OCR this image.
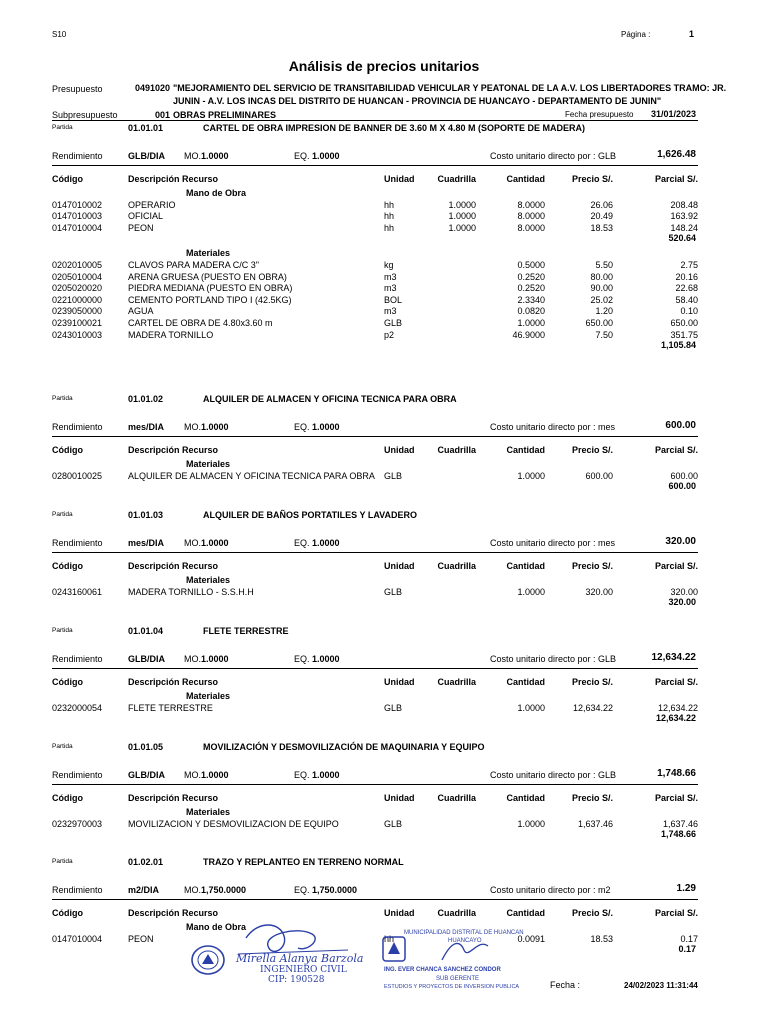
S10	Página :	1
Análisis de precios unitarios
Presupuesto	0491020 "MEJORAMIENTO DEL SERVICIO DE TRANSITABILIDAD VEHICULAR Y PEATONAL DE LA A.V. LOS LIBERTADORES TRAMO: JR.
JUNIN - A.V. LOS INCAS DEL DISTRITO DE HUANCAN - PROVINCIA DE HUANCAYO - DEPARTAMENTO DE JUNIN"
Subpresupuesto	001 OBRAS PRELIMINARES	Fecha presupuesto 31/01/2023
Partida	01.01.01	CARTEL DE OBRA IMPRESION DE BANNER DE 3.60 M X 4.80 M (SOPORTE DE MADERA)
Rendimiento	GLB/DIA MO. 1.0000	EQ. 1.0000	Costo unitario directo por : GLB	1,626.48
Código	Descripción Recurso	Unidad	Cuadrilla	Cantidad	Precio S/.	Parcial S/.
Mano de Obra
0147010002	OPERARIO	hh	1.0000	8.0000	26.06	208.48
0147010003	OFICIAL	hh	1.0000	8.0000	20.49	163.92
0147010004	PEON	hh	1.0000	8.0000	18.53	148.24
520.64
Materiales
0202010005	CLAVOS PARA MADERA C/C 3"	kg	0.5000	5.50	2.75
0205010004	ARENA GRUESA (PUESTO EN OBRA)	m3	0.2520	80.00	20.16
0205020020	PIEDRA MEDIANA (PUESTO EN OBRA)	m3	0.2520	90.00	22.68
0221000000	CEMENTO PORTLAND TIPO I (42.5KG)	BOL	2.3340	25.02	58.40
0239050000	AGUA	m3	0.0820	1.20	0.10
0239100021	CARTEL DE OBRA DE 4.80x3.60 m	GLB	1.0000	650.00	650.00
0243010003	MADERA TORNILLO	p2	46.9000	7.50	351.75
1,105.84
Partida	01.01.02	ALQUILER DE ALMACEN Y OFICINA TECNICA PARA OBRA
Rendimiento	mes/DIA MO. 1.0000	EQ. 1.0000	Costo unitario directo por : mes	600.00
Código	Descripción Recurso	Unidad	Cuadrilla	Cantidad	Precio S/.	Parcial S/.
Materiales
0280010025	ALQUILER DE ALMACEN Y OFICINA TECNICA PARA OBRA GLB	1.0000	600.00	600.00
600.00
Partida	01.01.03	ALQUILER DE BAÑOS PORTATILES Y LAVADERO
Rendimiento	mes/DIA MO. 1.0000	EQ. 1.0000	Costo unitario directo por : mes	320.00
Código	Descripción Recurso	Unidad	Cuadrilla	Cantidad	Precio S/.	Parcial S/.
Materiales
0243160061	MADERA TORNILLO - S.S.H.H	GLB	1.0000	320.00	320.00
320.00
Partida	01.01.04	FLETE TERRESTRE
Rendimiento	GLB/DIA MO. 1.0000	EQ. 1.0000	Costo unitario directo por : GLB	12,634.22
Código	Descripción Recurso	Unidad	Cuadrilla	Cantidad	Precio S/.	Parcial S/.
Materiales
0232000054	FLETE TERRESTRE	GLB	1.0000	12,634.22	12,634.22
12,634.22
Partida	01.01.05	MOVILIZACIÓN Y DESMOVILIZACIÓN DE MAQUINARIA Y EQUIPO
Rendimiento	GLB/DIA MO. 1.0000	EQ. 1.0000	Costo unitario directo por : GLB	1,748.66
Código	Descripción Recurso	Unidad	Cuadrilla	Cantidad	Precio S/.	Parcial S/.
Materiales
0232970003	MOVILIZACION Y DESMOVILIZACION DE EQUIPO	GLB	1.0000	1,637.46	1,637.46
1,748.66
Partida	01.02.01	TRAZO Y REPLANTEO EN TERRENO NORMAL
Rendimiento	m2/DIA	MO. 1,750.0000	EQ. 1,750.0000	Costo unitario directo por : m2	1.29
Código	Descripción Recurso	Unidad	Cuadrilla	Cantidad	Precio S/.	Parcial S/.
Mano de Obra
0147010004	PEON	hh	0.0091	18.53	0.17
0.17
Mirella Alanya Barzola
INGENIERO CIVIL
CIP: 190528
MUNICIPALIDAD DISTRITAL DE HUANCAN
HUANCAYO
ING. EVER CHANCA SANCHEZ CONDOR
SUB GERENTE
ESTUDIOS Y PROYECTOS DE INVERSION PUBLICA	Fecha :	24/02/2023 11:31:44
